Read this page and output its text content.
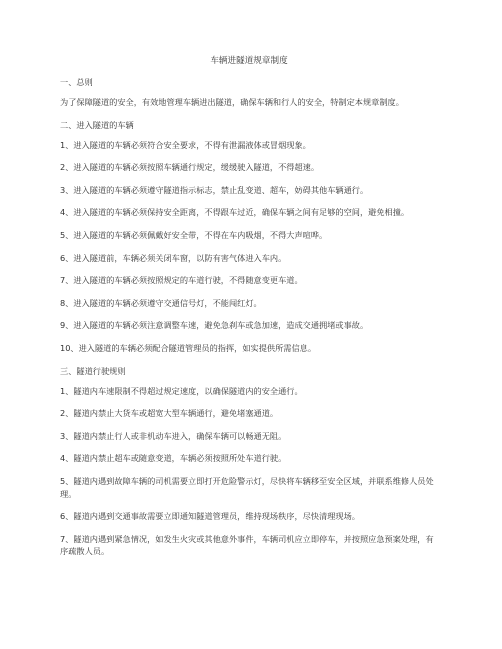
车辆进隧道规章制度
一、总则
为了保障隧道的安全，有效地管理车辆进出隧道，确保车辆和行人的安全，特制定本规章制度。
二、进入隧道的车辆
1、进入隧道的车辆必须符合安全要求，不得有泄漏液体或冒烟现象。
2、进入隧道的车辆必须按照车辆通行规定，缓缓驶入隧道，不得超速。
3、进入隧道的车辆必须遵守隧道指示标志，禁止乱变道、超车，妨碍其他车辆通行。
4、进入隧道的车辆必须保持安全距离，不得跟车过近，确保车辆之间有足够的空间，避免相撞。
5、进入隧道的车辆必须佩戴好安全带，不得在车内吸烟，不得大声喧哗。
6、进入隧道前，车辆必须关闭车窗，以防有害气体进入车内。
7、进入隧道的车辆必须按照规定的车道行驶，不得随意变更车道。
8、进入隧道的车辆必须遵守交通信号灯，不能闯红灯。
9、进入隧道的车辆必须注意调整车速，避免急刹车或急加速，造成交通拥堵或事故。
10、进入隧道的车辆必须配合隧道管理员的指挥，如实提供所需信息。
三、隧道行驶规则
1、隧道内车速限制不得超过规定速度，以确保隧道内的安全通行。
2、隧道内禁止大货车或超宽大型车辆通行，避免堵塞通道。
3、隧道内禁止行人或非机动车进入，确保车辆可以畅通无阻。
4、隧道内禁止超车或随意变道，车辆必须按照所处车道行驶。
5、隧道内遇到故障车辆的司机需要立即打开危险警示灯，尽快将车辆移至安全区域，并联系维修人员处理。
6、隧道内遇到交通事故需要立即通知隧道管理员，维持现场秩序，尽快清理现场。
7、隧道内遇到紧急情况，如发生火灾或其他意外事件，车辆司机应立即停车，并按照应急预案处理，有序疏散人员。
